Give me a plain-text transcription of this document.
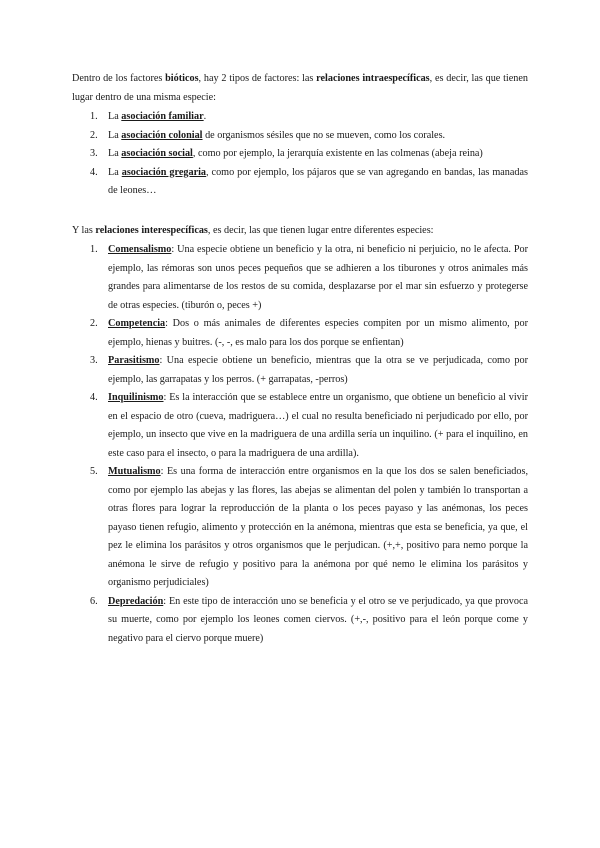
Dentro de los factores bióticos, hay 2 tipos de factores: las relaciones intraespecíficas, es decir, las que tienen lugar dentro de una misma especie:

1.	La asociación familiar.
2.	La asociación colonial de organismos sésiles que no se mueven, como los corales.
3.	La asociación social, como por ejemplo, la jerarquía existente en las colmenas (abeja reina)
4.	La asociación gregaria, como por ejemplo, los pájaros que se van agregando en bandas, las manadas de leones…

Y las relaciones interespecíficas, es decir, las que tienen lugar entre diferentes especies:

1.	Comensalismo: Una especie obtiene un beneficio y la otra, ni beneficio ni perjuicio, no le afecta. Por ejemplo, las rémoras son unos peces pequeños que se adhieren a los tiburones y otros animales más grandes para alimentarse de los restos de su comida, desplazarse por el mar sin esfuerzo y protegerse de otras especies. (tiburón o, peces +)
2.	Competencia: Dos o más animales de diferentes especies compiten por un mismo alimento, por ejemplo, hienas y buitres. (-, -, es malo para los dos porque se enfientan)
3.	Parasitismo: Una especie obtiene un beneficio, mientras que la otra se ve perjudicada, como por ejemplo, las garrapatas y los perros. (+ garrapatas, -perros)
4.	Inquilinismo: Es la interacción que se establece entre un organismo, que obtiene un beneficio al vivir en el espacio de otro (cueva, madriguera…) el cual no resulta beneficiado ni perjudicado por ello, por ejemplo, un insecto que vive en la madriguera de una ardilla sería un inquilino. (+ para el inquilino, en este caso para el insecto, o para la madriguera de una ardilla).
5.	Mutualismo: Es una forma de interacción entre organismos en la que los dos se salen beneficiados, como por ejemplo las abejas y las flores, las abejas se alimentan del polen y también lo transportan a otras flores para lograr la reproducción de la planta o los peces payaso y las anémonas, los peces payaso tienen refugio, alimento y protección en la anémona, mientras que esta se beneficia, ya que, el pez le elimina los parásitos y otros organismos que le perjudican. (+,+, positivo para nemo porque la anémona le sirve de refugio y positivo para la anémona por qué nemo le elimina los parásitos y organismo perjudiciales)
6.	Depredación: En este tipo de interacción uno se beneficia y el otro se ve perjudicado, ya que provoca su muerte, como por ejemplo los leones comen ciervos. (+,-, positivo para el león porque come y negativo para el ciervo porque muere)
